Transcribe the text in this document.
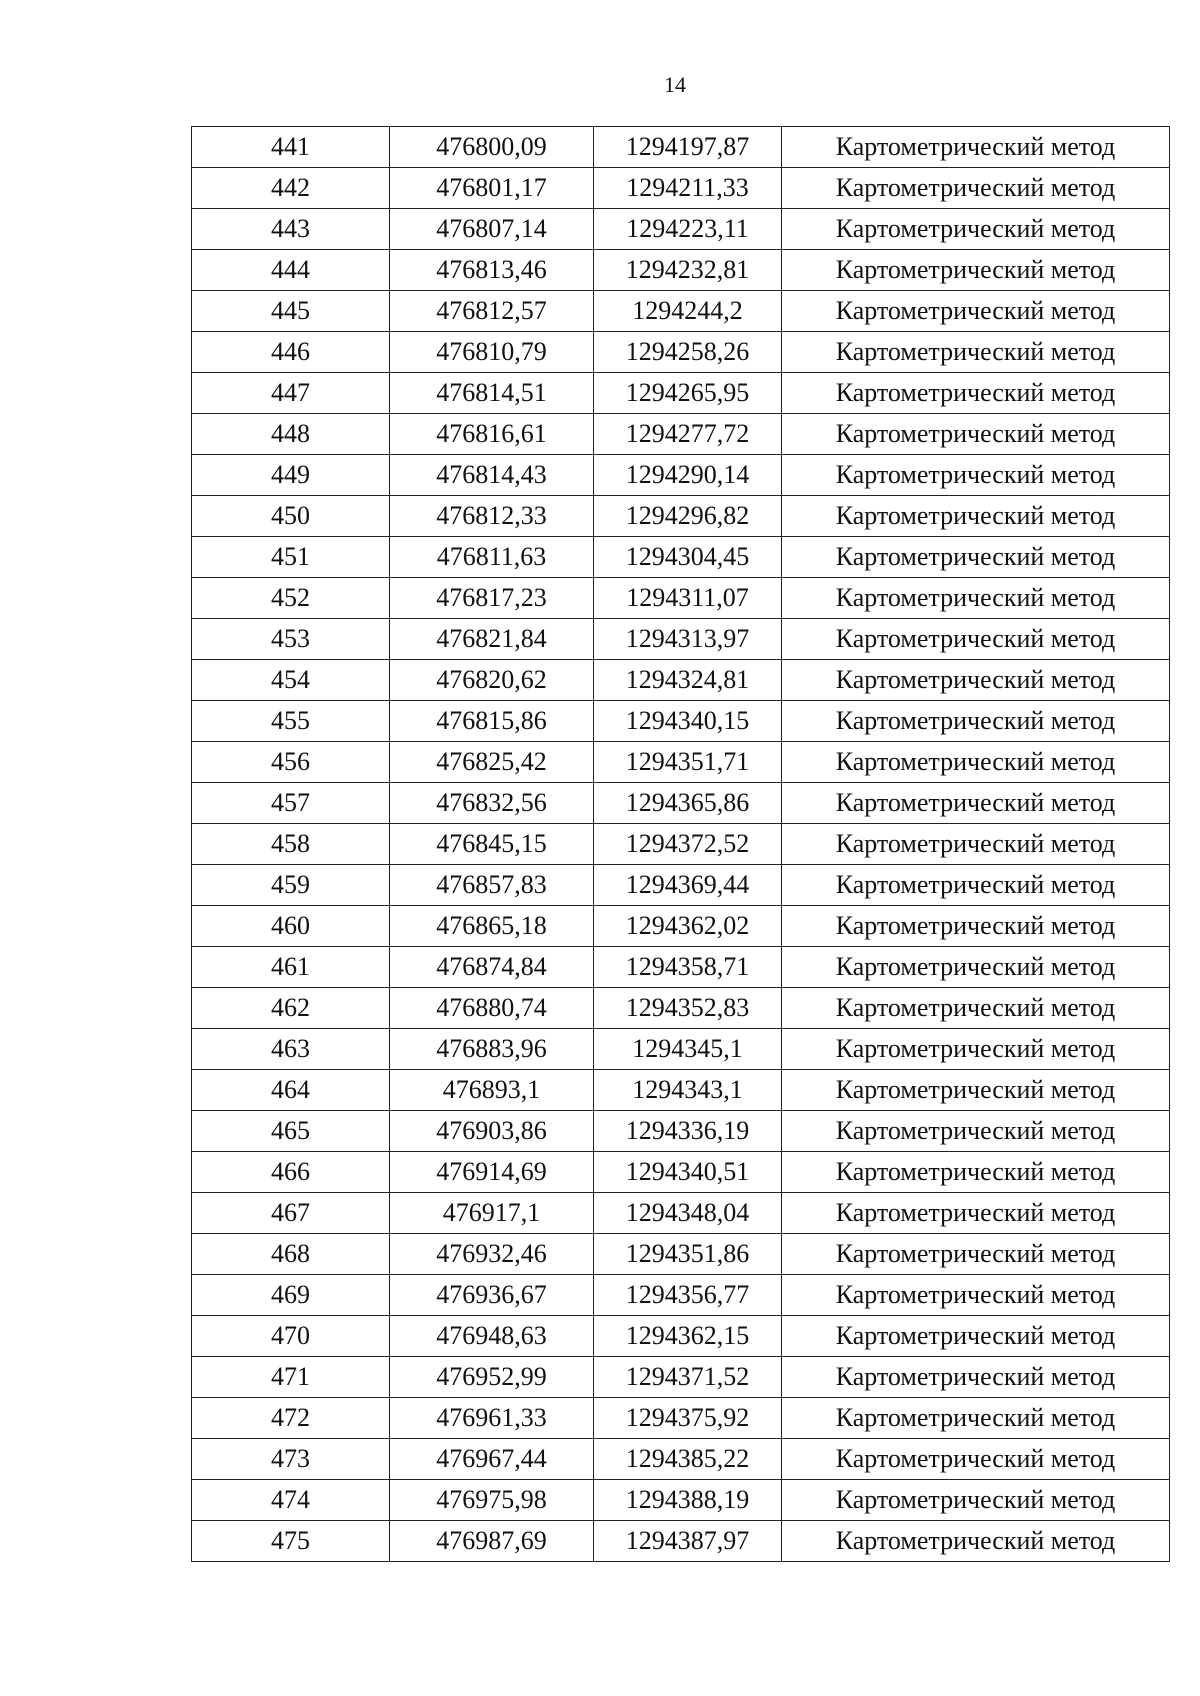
14
441	476800,09	1294197,87	Картометрический метод
442	476801,17	1294211,33	Картометрический метод
443	476807,14	1294223,11	Картометрический метод
444	476813,46	1294232,81	Картометрический метод
445	476812,57	1294244,2	Картометрический метод
446	476810,79	1294258,26	Картометрический метод
447	476814,51	1294265,95	Картометрический метод
448	476816,61	1294277,72	Картометрический метод
449	476814,43	1294290,14	Картометрический метод
450	476812,33	1294296,82	Картометрический метод
451	476811,63	1294304,45	Картометрический метод
452	476817,23	1294311,07	Картометрический метод
453	476821,84	1294313,97	Картометрический метод
454	476820,62	1294324,81	Картометрический метод
455	476815,86	1294340,15	Картометрический метод
456	476825,42	1294351,71	Картометрический метод
457	476832,56	1294365,86	Картометрический метод
458	476845,15	1294372,52	Картометрический метод
459	476857,83	1294369,44	Картометрический метод
460	476865,18	1294362,02	Картометрический метод
461	476874,84	1294358,71	Картометрический метод
462	476880,74	1294352,83	Картометрический метод
463	476883,96	1294345,1	Картометрический метод
464	476893,1	1294343,1	Картометрический метод
465	476903,86	1294336,19	Картометрический метод
466	476914,69	1294340,51	Картометрический метод
467	476917,1	1294348,04	Картометрический метод
468	476932,46	1294351,86	Картометрический метод
469	476936,67	1294356,77	Картометрический метод
470	476948,63	1294362,15	Картометрический метод
471	476952,99	1294371,52	Картометрический метод
472	476961,33	1294375,92	Картометрический метод
473	476967,44	1294385,22	Картометрический метод
474	476975,98	1294388,19	Картометрический метод
475	476987,69	1294387,97	Картометрический метод
